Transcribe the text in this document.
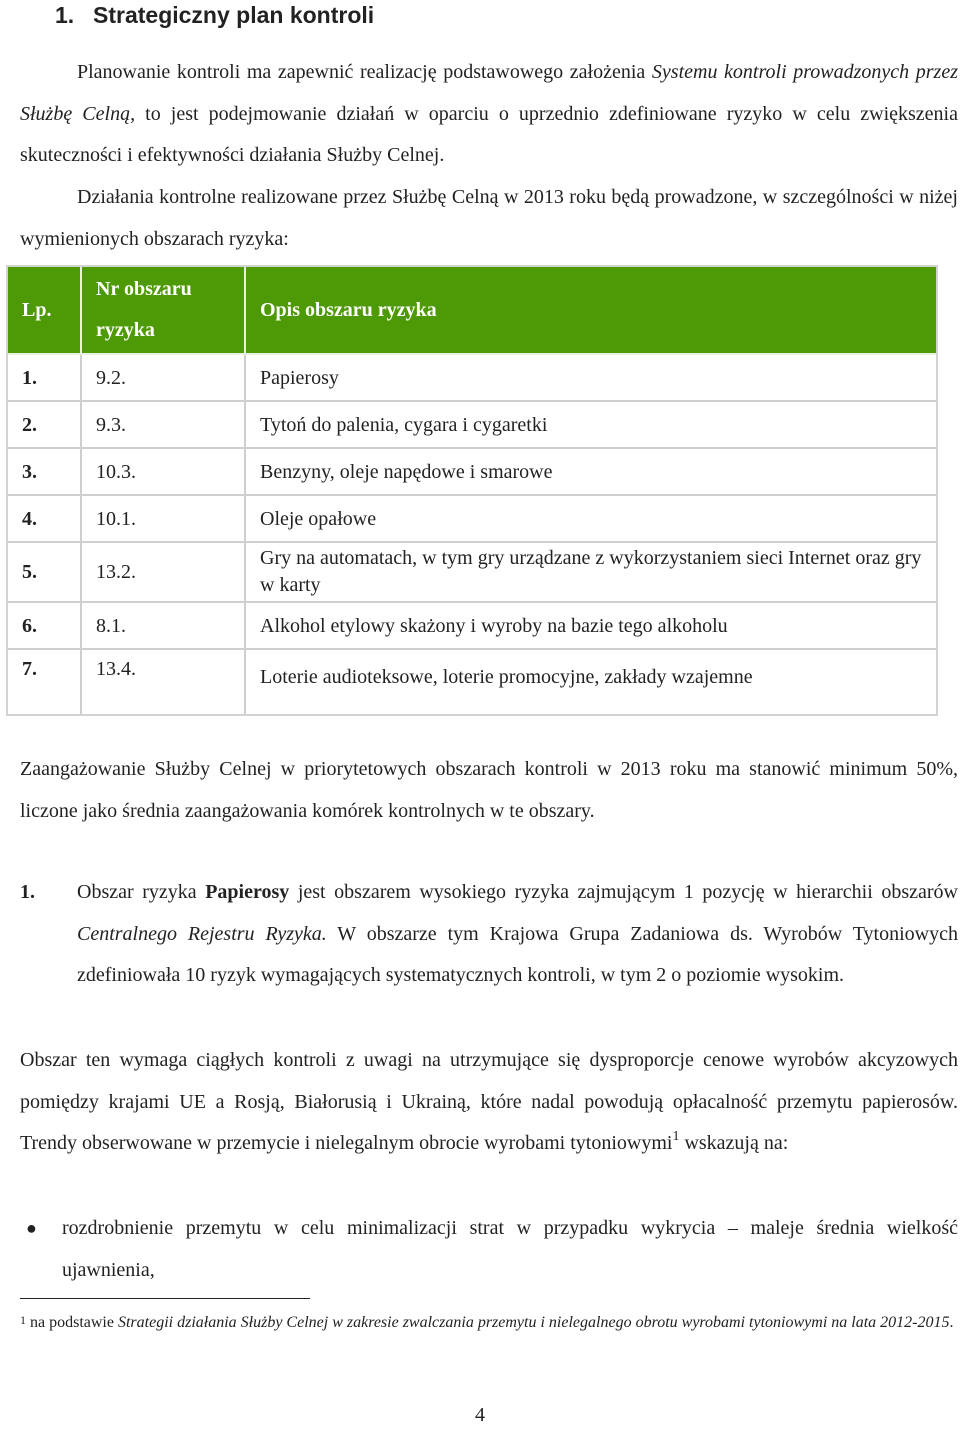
1. Strategiczny plan kontroli
Planowanie kontroli ma zapewnić realizację podstawowego założenia Systemu kontroli prowadzonych przez Służbę Celną, to jest podejmowanie działań w oparciu o uprzednio zdefiniowane ryzyko w celu zwiększenia skuteczności i efektywności działania Służby Celnej.
Działania kontrolne realizowane przez Służbę Celną w 2013 roku będą prowadzone, w szczególności w niżej wymienionych obszarach ryzyka:
Lp.	Nr obszaru ryzyka	Opis obszaru ryzyka
1.	9.2.	Papierosy
2.	9.3.	Tytoń do palenia, cygara i cygaretki
3.	10.3.	Benzyny, oleje napędowe i smarowe
4.	10.1.	Oleje opałowe
5.	13.2.	Gry na automatach, w tym gry urządzane z wykorzystaniem sieci Internet oraz gry w karty
6.	8.1.	Alkohol etylowy skażony i wyroby na bazie tego alkoholu
7.	13.4.	Loterie audioteksowe, loterie promocyjne, zakłady wzajemne
Zaangażowanie Służby Celnej w priorytetowych obszarach kontroli w 2013 roku ma stanowić minimum 50%, liczone jako średnia zaangażowania komórek kontrolnych w te obszary.
1. Obszar ryzyka Papierosy jest obszarem wysokiego ryzyka zajmującym 1 pozycję w hierarchii obszarów Centralnego Rejestru Ryzyka. W obszarze tym Krajowa Grupa Zadaniowa ds. Wyrobów Tytoniowych zdefiniowała 10 ryzyk wymagających systematycznych kontroli, w tym 2 o poziomie wysokim.
Obszar ten wymaga ciągłych kontroli z uwagi na utrzymujące się dysproporcje cenowe wyrobów akcyzowych pomiędzy krajami UE a Rosją, Białorusią i Ukrainą, które nadal powodują opłacalność przemytu papierosów. Trendy obserwowane w przemycie i nielegalnym obrocie wyrobami tytoniowymi$^1$ wskazują na:
● rozdrobnienie przemytu w celu minimalizacji strat w przypadku wykrycia – maleje średnia wielkość ujawnienia,
$^1$ na podstawie Strategii działania Służby Celnej w zakresie zwalczania przemytu i nielegalnego obrotu wyrobami tytoniowymi na lata 2012-2015.
4
